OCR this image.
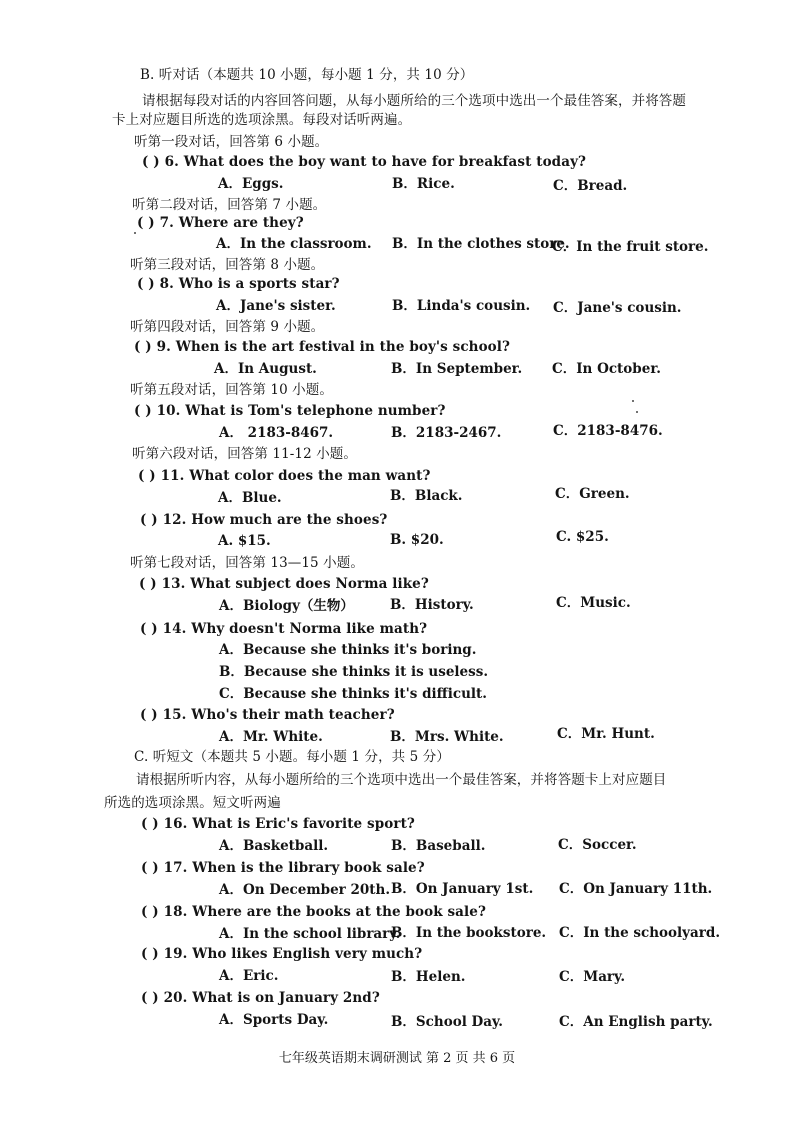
B. 听对话（本题共 10 小题，每小题 1 分，共 10 分）
请根据每段对话的内容回答问题，从每小题所给的三个选项中选出一个最佳答案，并将答题
卡上对应题目所选的选项涂黑。每段对话听两遍。
听第一段对话，回答第 6 小题。
( ) 6. What does the boy want to have for breakfast today?
A．Eggs.	B．Rice.	C．Bread.
听第二段对话，回答第 7 小题。
( ) 7. Where are they?
A．In the classroom. B．In the clothes store.
C．In the fruit store.
听第三段对话，回答第 8 小题。
( ) 8. Who is a sports star?
A．Jane's sister.	B．Linda's cousin. C．Jane's cousin.
听第四段对话，回答第 9 小题。
( ) 9. When is the art festival in the boy's school?
A．In August.	B．In September. C．In October.
听第五段对话，回答第 10 小题。
( ) 10. What is Tom's telephone number?
A． 2183-8467.	B．2183-2467.	C．2183-8476.
听第六段对话，回答第 11-12 小题。
( ) 11. What color does the man want?
A．Blue.	B．Black.	C．Green.
( ) 12. How much are the shoes?
A. $15.	B. $20.	C. $25.
听第七段对话，回答第 13—15 小题。
( ) 13. What subject does Norma like?
A．Biology（生物）	B．History.	C．Music.
( ) 14. Why doesn't Norma like math?
A．Because she thinks it's boring.
B．Because she thinks it is useless.
C．Because she thinks it's difficult.
( ) 15. Who's their math teacher?
A．Mr. White.	B．Mrs. White.	C．Mr. Hunt.
C. 听短文（本题共 5 小题。每小题 1 分，共 5 分）
请根据所听内容，从每小题所给的三个选项中选出一个最佳答案，并将答题卡上对应题目
所选的选项涂黑。短文听两遍
( ) 16. What is Eric's favorite sport?
A．Basketball.	B．Baseball.	C．Soccer.
( ) 17. When is the library book sale?
A．On December 20th. B．On January 1st. C．On January 11th.
( ) 18. Where are the books at the book sale?
A．In the school library.
B．In the bookstore. C．In the schoolyard.
( ) 19. Who likes English very much?
A．Eric.	B．Helen.	C．Mary.
( ) 20. What is on January 2nd?
A．Sports Day.	B．School Day.	C．An English party.
七年级英语期末调研测试 第 2 页 共 6 页
